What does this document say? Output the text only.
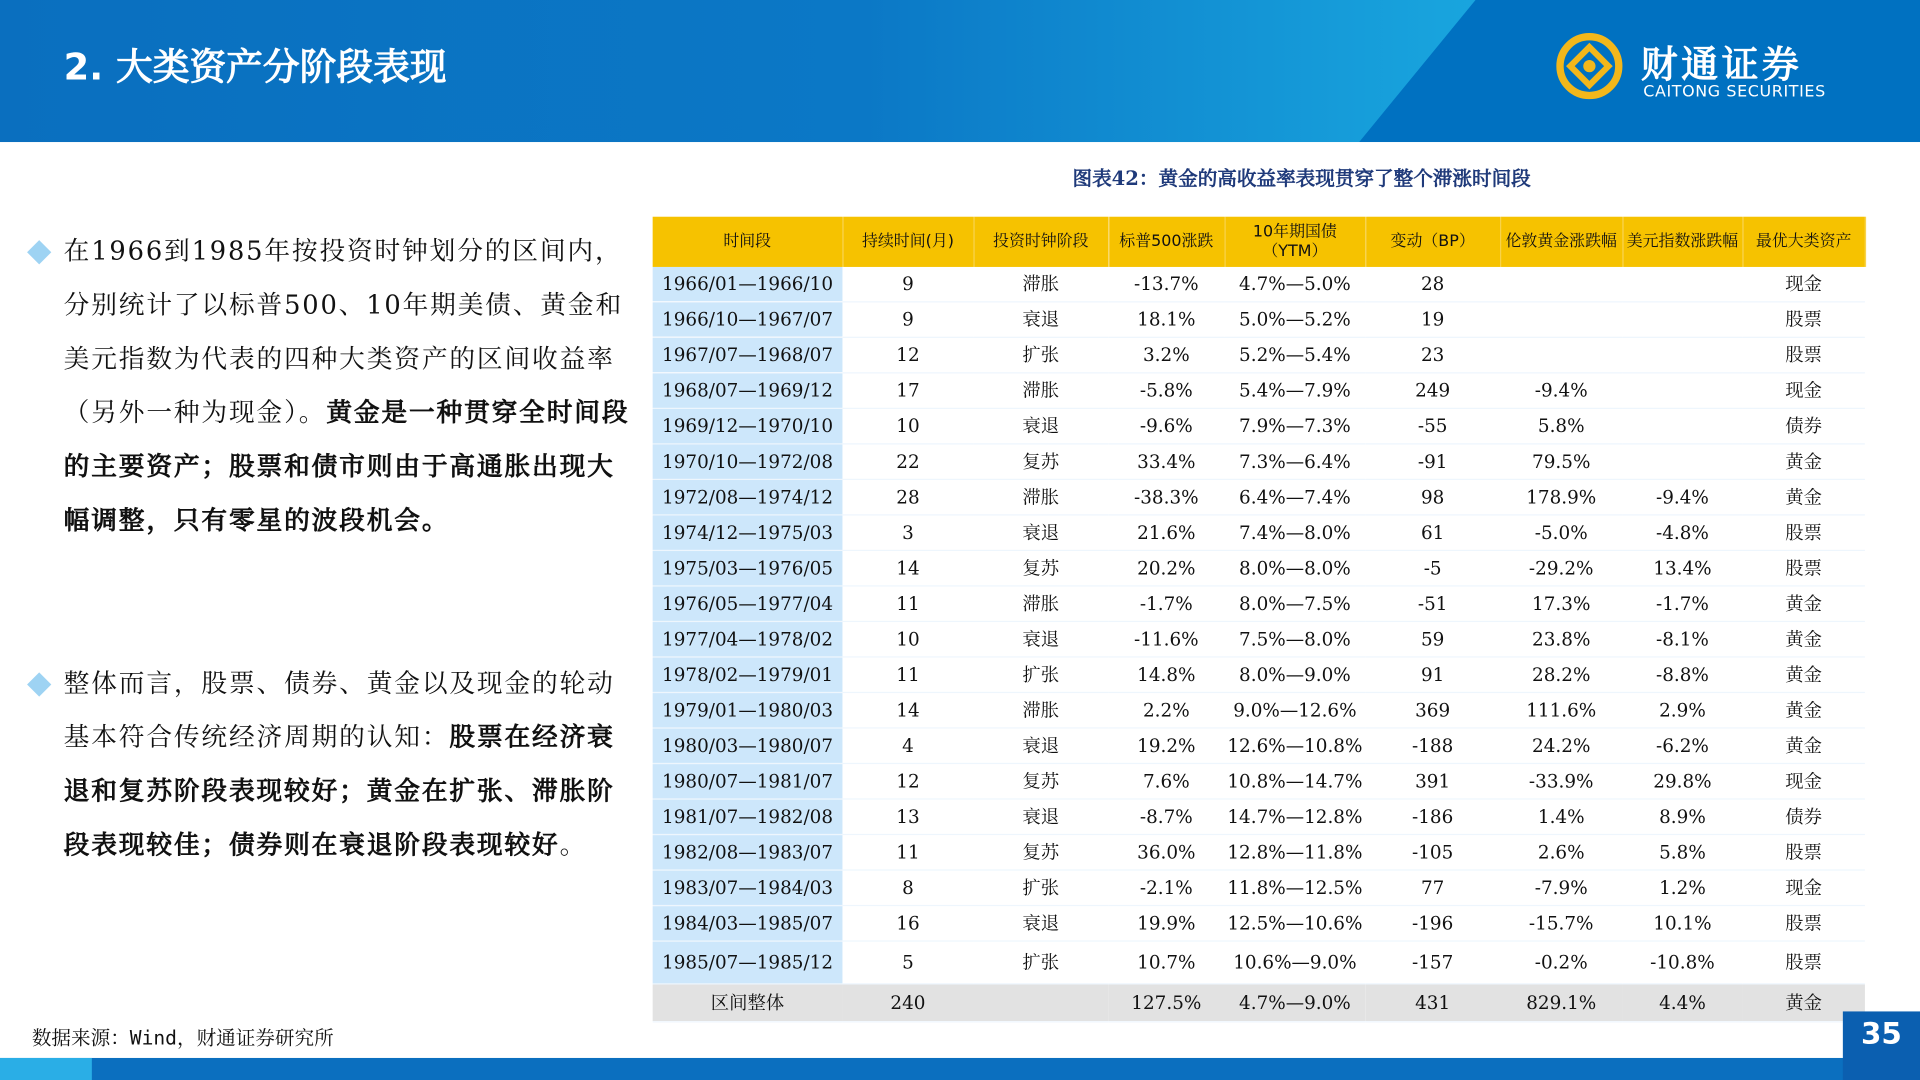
2. 大类资产分阶段表现	财通证券
CAITONG SECURITIES
图表42：黄金的高收益率表现贯穿了整个滞涨时间段
在1966到1985年按投资时钟划分的区间内，分别统计了以标普500、10年期美债、黄金和美元指数为代表的四种大类资产的区间收益率（另外一种为现金）。黄金是一种贯穿全时间段的主要资产；股票和债市则由于高通胀出现大幅调整，只有零星的波段机会。
整体而言，股票、债券、黄金以及现金的轮动基本符合传统经济周期的认知：股票在经济衰退和复苏阶段表现较好；黄金在扩张、滞胀阶段表现较佳；债券则在衰退阶段表现较好。
时间段	持续时间(月)	投资时钟阶段	标普500涨跌	10年期国债（YTM）	变动（BP）	伦敦黄金涨跌幅	美元指数涨跌幅	最优大类资产
1966/01—1966/10	9	滞胀	-13.7%	4.7%—5.0%	28			现金
1966/10—1967/07	9	衰退	18.1%	5.0%—5.2%	19			股票
1967/07—1968/07	12	扩张	3.2%	5.2%—5.4%	23			股票
1968/07—1969/12	17	滞胀	-5.8%	5.4%—7.9%	249	-9.4%		现金
1969/12—1970/10	10	衰退	-9.6%	7.9%—7.3%	-55	5.8%		债券
1970/10—1972/08	22	复苏	33.4%	7.3%—6.4%	-91	79.5%		黄金
1972/08—1974/12	28	滞胀	-38.3%	6.4%—7.4%	98	178.9%	-9.4%	黄金
1974/12—1975/03	3	衰退	21.6%	7.4%—8.0%	61	-5.0%	-4.8%	股票
1975/03—1976/05	14	复苏	20.2%	8.0%—8.0%	-5	-29.2%	13.4%	股票
1976/05—1977/04	11	滞胀	-1.7%	8.0%—7.5%	-51	17.3%	-1.7%	黄金
1977/04—1978/02	10	衰退	-11.6%	7.5%—8.0%	59	23.8%	-8.1%	黄金
1978/02—1979/01	11	扩张	14.8%	8.0%—9.0%	91	28.2%	-8.8%	黄金
1979/01—1980/03	14	滞胀	2.2%	9.0%—12.6%	369	111.6%	2.9%	黄金
1980/03—1980/07	4	衰退	19.2%	12.6%—10.8%	-188	24.2%	-6.2%	黄金
1980/07—1981/07	12	复苏	7.6%	10.8%—14.7%	391	-33.9%	29.8%	现金
1981/07—1982/08	13	衰退	-8.7%	14.7%—12.8%	-186	1.4%	8.9%	债券
1982/08—1983/07	11	复苏	36.0%	12.8%—11.8%	-105	2.6%	5.8%	股票
1983/07—1984/03	8	扩张	-2.1%	11.8%—12.5%	77	-7.9%	1.2%	现金
1984/03—1985/07	16	衰退	19.9%	12.5%—10.6%	-196	-15.7%	10.1%	股票
1985/07—1985/12	5	扩张	10.7%	10.6%—9.0%	-157	-0.2%	-10.8%	股票
区间整体	240		127.5%	4.7%—9.0%	431	829.1%	4.4%	黄金
数据来源：Wind，财通证券研究所	35
